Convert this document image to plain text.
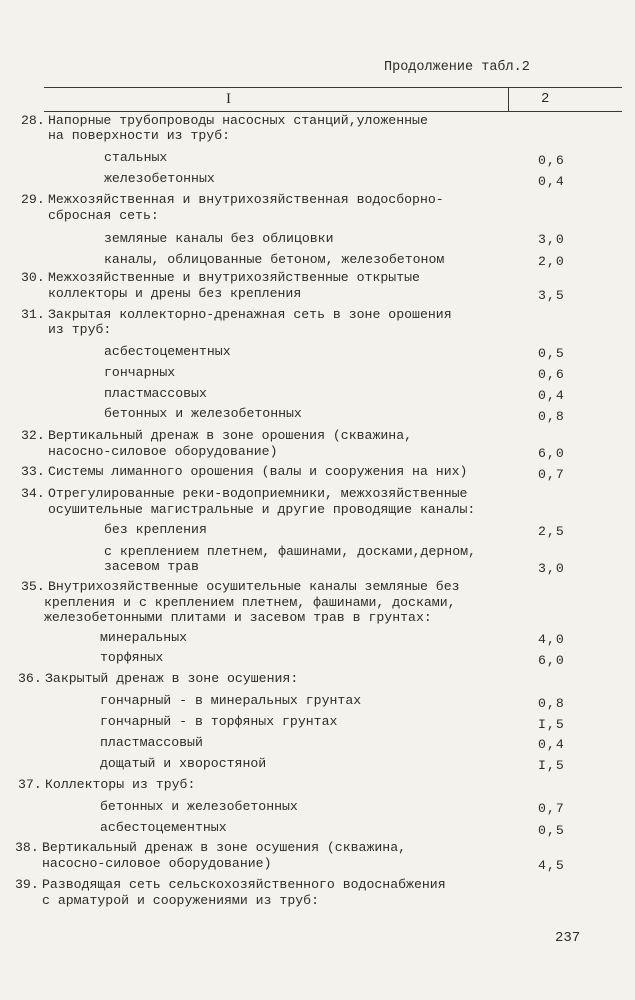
Продолжение табл.2
I	2
28. Напорные трубопроводы насосных станций,уложенные
на поверхности из труб:
стальных	0,6
железобетонных	0,4
29. Межхозяйственная и внутрихозяйственная водосборно-
сбросная сеть:
земляные каналы без облицовки	3,0
каналы, облицованные бетоном, железобетоном	2,0
30. Межхозяйственные и внутрихозяйственные открытые
коллекторы и дрены без крепления	3,5
31. Закрытая коллекторно-дренажная сеть в зоне орошения
из труб:
асбестоцементных	0,5
гончарных	0,6
пластмассовых	0,4
бетонных и железобетонных	0,8
32. Вертикальный дренаж в зоне орошения (скважина,
насосно-силовое оборудование)	6,0
33. Системы лиманного орошения (валы и сооружения на них)	0,7
34. Отрегулированные реки-водоприемники, межхозяйственные
осушительные магистральные и другие проводящие каналы:
без крепления	2,5
с креплением плетнем, фашинами, досками,дерном,
засевом трав	3,0
35. Внутрихозяйственные осушительные каналы земляные без
крепления и с креплением плетнем, фашинами, досками,
железобетонными плитами и засевом трав в грунтах:
минеральных	4,0
торфяных	6,0
36. Закрытый дренаж в зоне осушения:
гончарный - в минеральных грунтах	0,8
гончарный - в торфяных грунтах	I,5
пластмассовый	0,4
дощатый и хворостяной	I,5
37. Коллекторы из труб:
бетонных и железобетонных	0,7
асбестоцементных	0,5
38. Вертикальный дренаж в зоне осушения (скважина,
насосно-силовое оборудование)	4,5
39. Разводящая сеть сельскохозяйственного водоснабжения
с арматурой и сооружениями из труб:
237
